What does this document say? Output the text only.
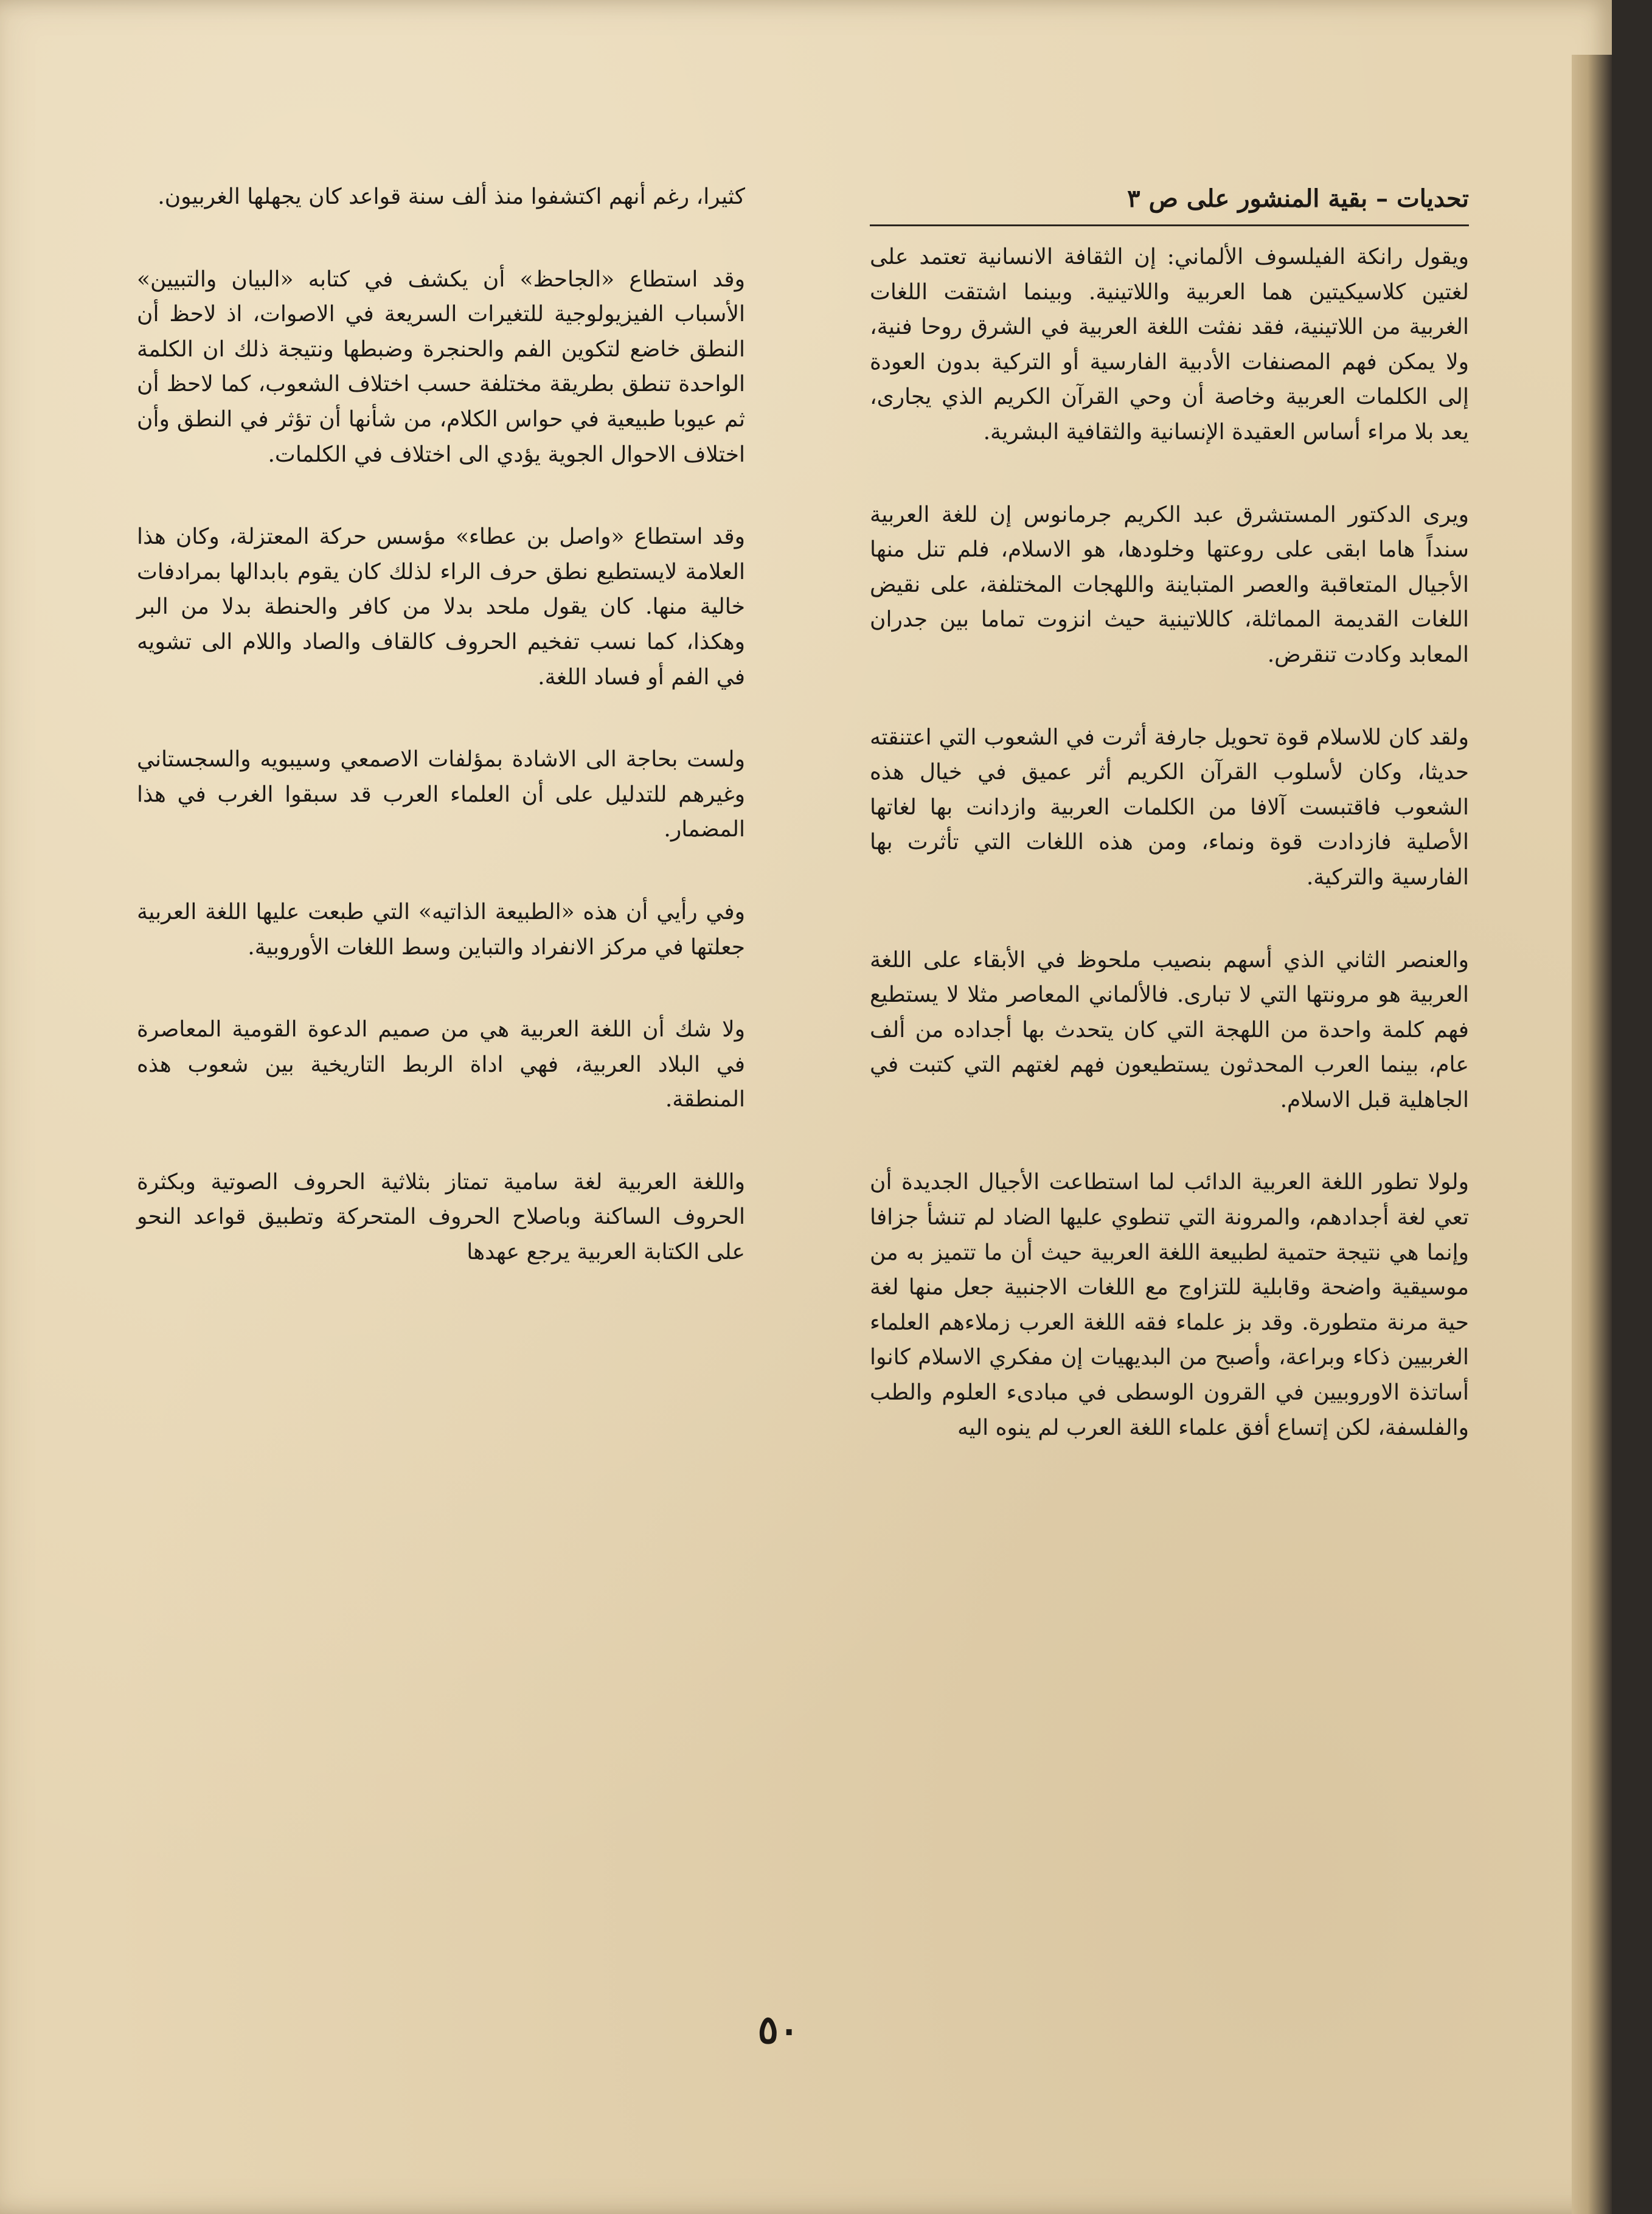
تحديات – بقية المنشور على ص ٣

ويقول رانكة الفيلسوف الألماني: إن الثقافة الانسانية تعتمد على لغتين كلاسيكيتين هما العربية واللاتينية. وبينما اشتقت اللغات الغربية من اللاتينية، فقد نفثت اللغة العربية في الشرق روحا فنية، ولا يمكن فهم المصنفات الأدبية الفارسية أو التركية بدون العودة إلى الكلمات العربية وخاصة أن وحي القرآن الكريم الذي يجارى، يعد بلا مراء أساس العقيدة الإنسانية والثقافية البشرية.

ويرى الدكتور المستشرق عبد الكريم جرمانوس إن للغة العربية سنداً هاما ابقى على روعتها وخلودها، هو الاسلام، فلم تنل منها الأجيال المتعاقبة والعصر المتباينة واللهجات المختلفة، على نقيض اللغات القديمة المماثلة، كاللاتينية حيث انزوت تماما بين جدران المعابد وكادت تنقرض.

ولقد كان للاسلام قوة تحويل جارفة أثرت في الشعوب التي اعتنقته حديثا، وكان لأسلوب القرآن الكريم أثر عميق في خيال هذه الشعوب فاقتبست آلافا من الكلمات العربية وازدانت بها لغاتها الأصلية فازدادت قوة ونماء، ومن هذه اللغات التي تأثرت بها الفارسية والتركية.

والعنصر الثاني الذي أسهم بنصيب ملحوظ في الأبقاء على اللغة العربية هو مرونتها التي لا تبارى. فالألماني المعاصر مثلا لا يستطيع فهم كلمة واحدة من اللهجة التي كان يتحدث بها أجداده من ألف عام، بينما العرب المحدثون يستطيعون فهم لغتهم التي كتبت في الجاهلية قبل الاسلام.

ولولا تطور اللغة العربية الدائب لما استطاعت الأجيال الجديدة أن تعي لغة أجدادهم، والمرونة التي تنطوي عليها الضاد لم تنشأ جزافا وإنما هي نتيجة حتمية لطبيعة اللغة العربية حيث أن ما تتميز به من موسيقية واضحة وقابلية للتزاوج مع اللغات الاجنبية جعل منها لغة حية مرنة متطورة. وقد بز علماء فقه اللغة العرب زملاءهم العلماء الغربيين ذكاء وبراعة، وأصبح من البديهيات إن مفكري الاسلام كانوا أساتذة الاوروبيين في القرون الوسطى في مبادىء العلوم والطب والفلسفة، لكن إتساع أفق علماء اللغة العرب لم ينوه اليه

كثيرا، رغم أنهم اكتشفوا منذ ألف سنة قواعد كان يجهلها الغربيون.

وقد استطاع «الجاحظ» أن يكشف في كتابه «البيان والتبيين» الأسباب الفيزيولوجية للتغيرات السريعة في الاصوات، اذ لاحظ أن النطق خاضع لتكوين الفم والحنجرة وضبطها ونتيجة ذلك ان الكلمة الواحدة تنطق بطريقة مختلفة حسب اختلاف الشعوب، كما لاحظ أن ثم عيوبا طبيعية في حواس الكلام، من شأنها أن تؤثر في النطق وأن اختلاف الاحوال الجوية يؤدي الى اختلاف في الكلمات.

وقد استطاع «واصل بن عطاء» مؤسس حركة المعتزلة، وكان هذا العلامة لايستطيع نطق حرف الراء لذلك كان يقوم بابدالها بمرادفات خالية منها. كان يقول ملحد بدلا من كافر والحنطة بدلا من البر وهكذا، كما نسب تفخيم الحروف كالقاف والصاد واللام الى تشويه في الفم أو فساد اللغة.

ولست بحاجة الى الاشادة بمؤلفات الاصمعي وسيبويه والسجستاني وغيرهم للتدليل على أن العلماء العرب قد سبقوا الغرب في هذا المضمار.

وفي رأيي أن هذه «الطبيعة الذاتيه» التي طبعت عليها اللغة العربية جعلتها في مركز الانفراد والتباين وسط اللغات الأوروبية.

ولا شك أن اللغة العربية هي من صميم الدعوة القومية المعاصرة في البلاد العربية، فهي اداة الربط التاريخية بين شعوب هذه المنطقة.

واللغة العربية لغة سامية تمتاز بثلاثية الحروف الصوتية وبكثرة الحروف الساكنة وباصلاح الحروف المتحركة وتطبيق قواعد النحو على الكتابة العربية يرجع عهدها

٥٠
